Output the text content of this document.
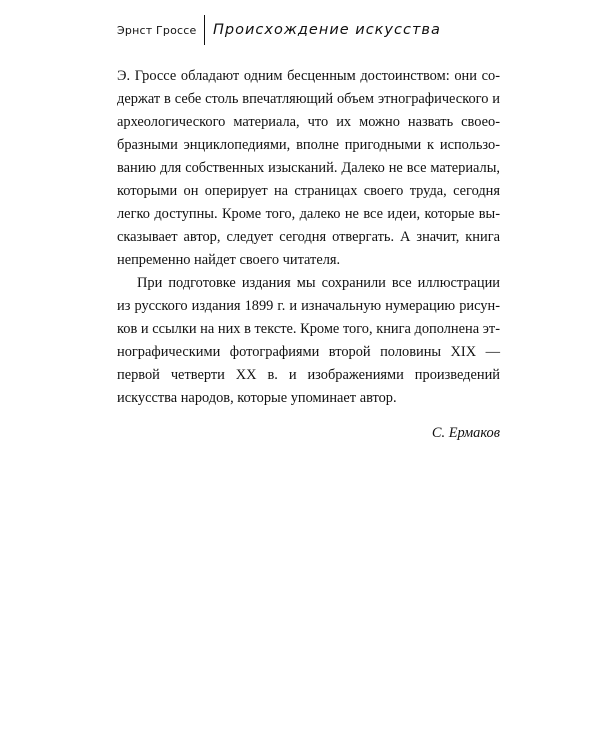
Эрнст Гроссе	Происхождение искусства

Э. Гроссе обладают одним бесценным достоинством: они содержат в себе столь впечатляющий объем этнографического и археологического материала, что их можно назвать своеобразными энциклопедиями, вполне пригодными к использованию для собственных изысканий. Далеко не все материалы, которыми он оперирует на страницах своего труда, сегодня легко доступны. Кроме того, далеко не все идеи, которые высказывает автор, следует сегодня отвергать. А значит, книга непременно найдет своего читателя.

При подготовке издания мы сохранили все иллюстрации из русского издания 1899 г. и изначальную нумерацию рисунков и ссылки на них в тексте. Кроме того, книга дополнена этнографическими фотографиями второй половины XIX — первой четверти XX в. и изображениями произведений искусства народов, которые упоминает автор.

С. Ермаков
